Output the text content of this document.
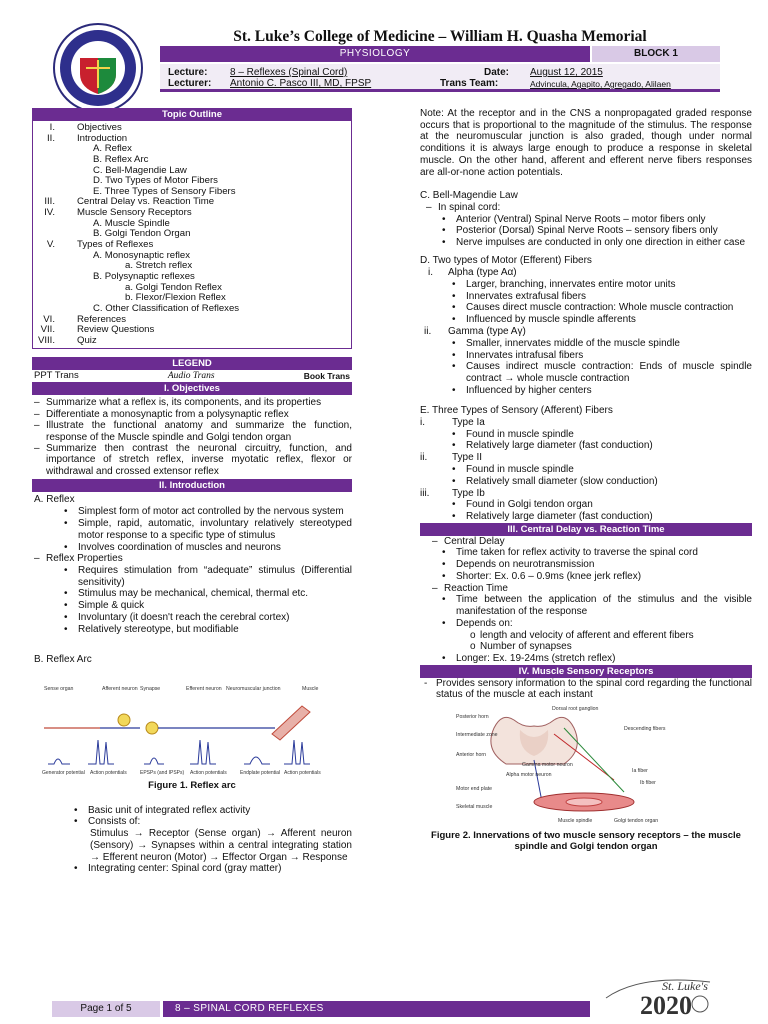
St. Luke’s College of Medicine – William H. Quasha Memorial
PHYSIOLOGY	BLOCK 1
Lecture: 8 – Reflexes (Spinal Cord)
Lecturer: Antonio C. Pasco III, MD, FPSP
Date: August 12, 2015
Trans Team:	Advincula, Agapito, Agregado, Alilaen
Topic Outline
I.	Objectives
II.	Introduction
A. Reflex
B. Reflex Arc
C. Bell-Magendie Law
D. Two Types of Motor Fibers
E. Three Types of Sensory Fibers
III.	Central Delay vs. Reaction Time
IV.	Muscle Sensory Receptors
A. Muscle Spindle
B. Golgi Tendon Organ
V.	Types of Reflexes
A. Monosynaptic reflex
a. Stretch reflex
B. Polysynaptic reflexes
a. Golgi Tendon Reflex
b. Flexor/Flexion Reflex
C. Other Classification of Reflexes
VI.	References
VII.	Review Questions
VIII.	Quiz
LEGEND
PPT Trans	Audio Trans	Book Trans
I. Objectives
– Summarize what a reflex is, its components, and its properties
– Differentiate a monosynaptic from a polysynaptic reflex
– Illustrate the functional anatomy and summarize the function, response of the Muscle spindle and Golgi tendon organ
– Summarize then contrast the neuronal circuitry, function, and importance of stretch reflex, inverse myotatic reflex, flexor or withdrawal and crossed extensor reflex
II. Introduction
A. Reflex
•	Simplest form of motor act controlled by the nervous system
•	Simple, rapid, automatic, involuntary relatively stereotyped motor response to a specific type of stimulus
•	Involves coordination of muscles and neurons
– Reflex Properties
•	Requires stimulation from “adequate” stimulus (Differential sensitivity)
•	Stimulus may be mechanical, chemical, thermal etc.
•	Simple & quick
•	Involuntary (it doesn't reach the cerebral cortex)
•	Relatively stereotype, but modifiable
B. Reflex Arc
Sense organ	Afferent neuron Synapse	Efferent neuron Neuromuscular junction	Muscle
Generator potential Action potentials	EPSPs (and IPSPs) Action potentials	Endplate potential Action potentials
Figure 1. Reflex arc
•	Basic unit of integrated reflex activity
•	Consists of:
Stimulus → Receptor (Sense organ) → Afferent neuron (Sensory) → Synapses within a central integrating station → Efferent neuron (Motor) → Effector Organ → Response
•	Integrating center: Spinal cord (gray matter)
Note: At the receptor and in the CNS a nonpropagated graded response occurs that is proportional to the magnitude of the stimulus. The response at the neuromuscular junction is also graded, though under normal conditions it is always large enough to produce a response in skeletal muscle. On the other hand, afferent and efferent nerve fibers responses are all-or-none action potentials.
C. Bell-Magendie Law
– In spinal cord:
•	Anterior (Ventral) Spinal Nerve Roots – motor fibers only
•	Posterior (Dorsal) Spinal Nerve Roots – sensory fibers only
•	Nerve impulses are conducted in only one direction in either case
D. Two types of Motor (Efferent) Fibers
i.	Alpha (type Aα)
•	Larger, branching, innervates entire motor units
•	Innervates extrafusal fibers
•	Causes direct muscle contraction: Whole muscle contraction
•	Influenced by muscle spindle afferents
ii.	Gamma (type Aγ)
•	Smaller, innervates middle of the muscle spindle
•	Innervates intrafusal fibers
•	Causes indirect muscle contraction: Ends of muscle spindle contract → whole muscle contraction
•	Influenced by higher centers
E. Three Types of Sensory (Afferent) Fibers
i.	Type Ia
•	Found in muscle spindle
•	Relatively large diameter (fast conduction)
ii.	Type II
•	Found in muscle spindle
•	Relatively small diameter (slow conduction)
iii.	Type Ib
•	Found in Golgi tendon organ
•	Relatively large diameter (fast conduction)
III. Central Delay vs. Reaction Time
– Central Delay
•	Time taken for reflex activity to traverse the spinal cord
•	Depends on neurotransmission
•	Shorter: Ex. 0.6 – 0.9ms (knee jerk reflex)
– Reaction Time
•	Time between the application of the stimulus and the visible manifestation of the response
•	Depends on:
o length and velocity of afferent and efferent fibers
o Number of synapses
•	Longer: Ex. 19-24ms (stretch reflex)
IV. Muscle Sensory Receptors
- Provides sensory information to the spinal cord regarding the functional status of the muscle at each instant
Dorsal root ganglion
Posterior horn
Descending fibers
Intermediate zone
Anterior horn
Gamma motor neuron
Ia fiber
Alpha motor neuron
Ib fiber
Motor end plate
Skeletal muscle
Muscle spindle	Golgi tendon organ
Figure 2. Innervations of two muscle sensory receptors – the muscle spindle and Golgi tendon organ
Page 1 of 5	8 – SPINAL CORD REFLEXES	2020
St. Luke's
